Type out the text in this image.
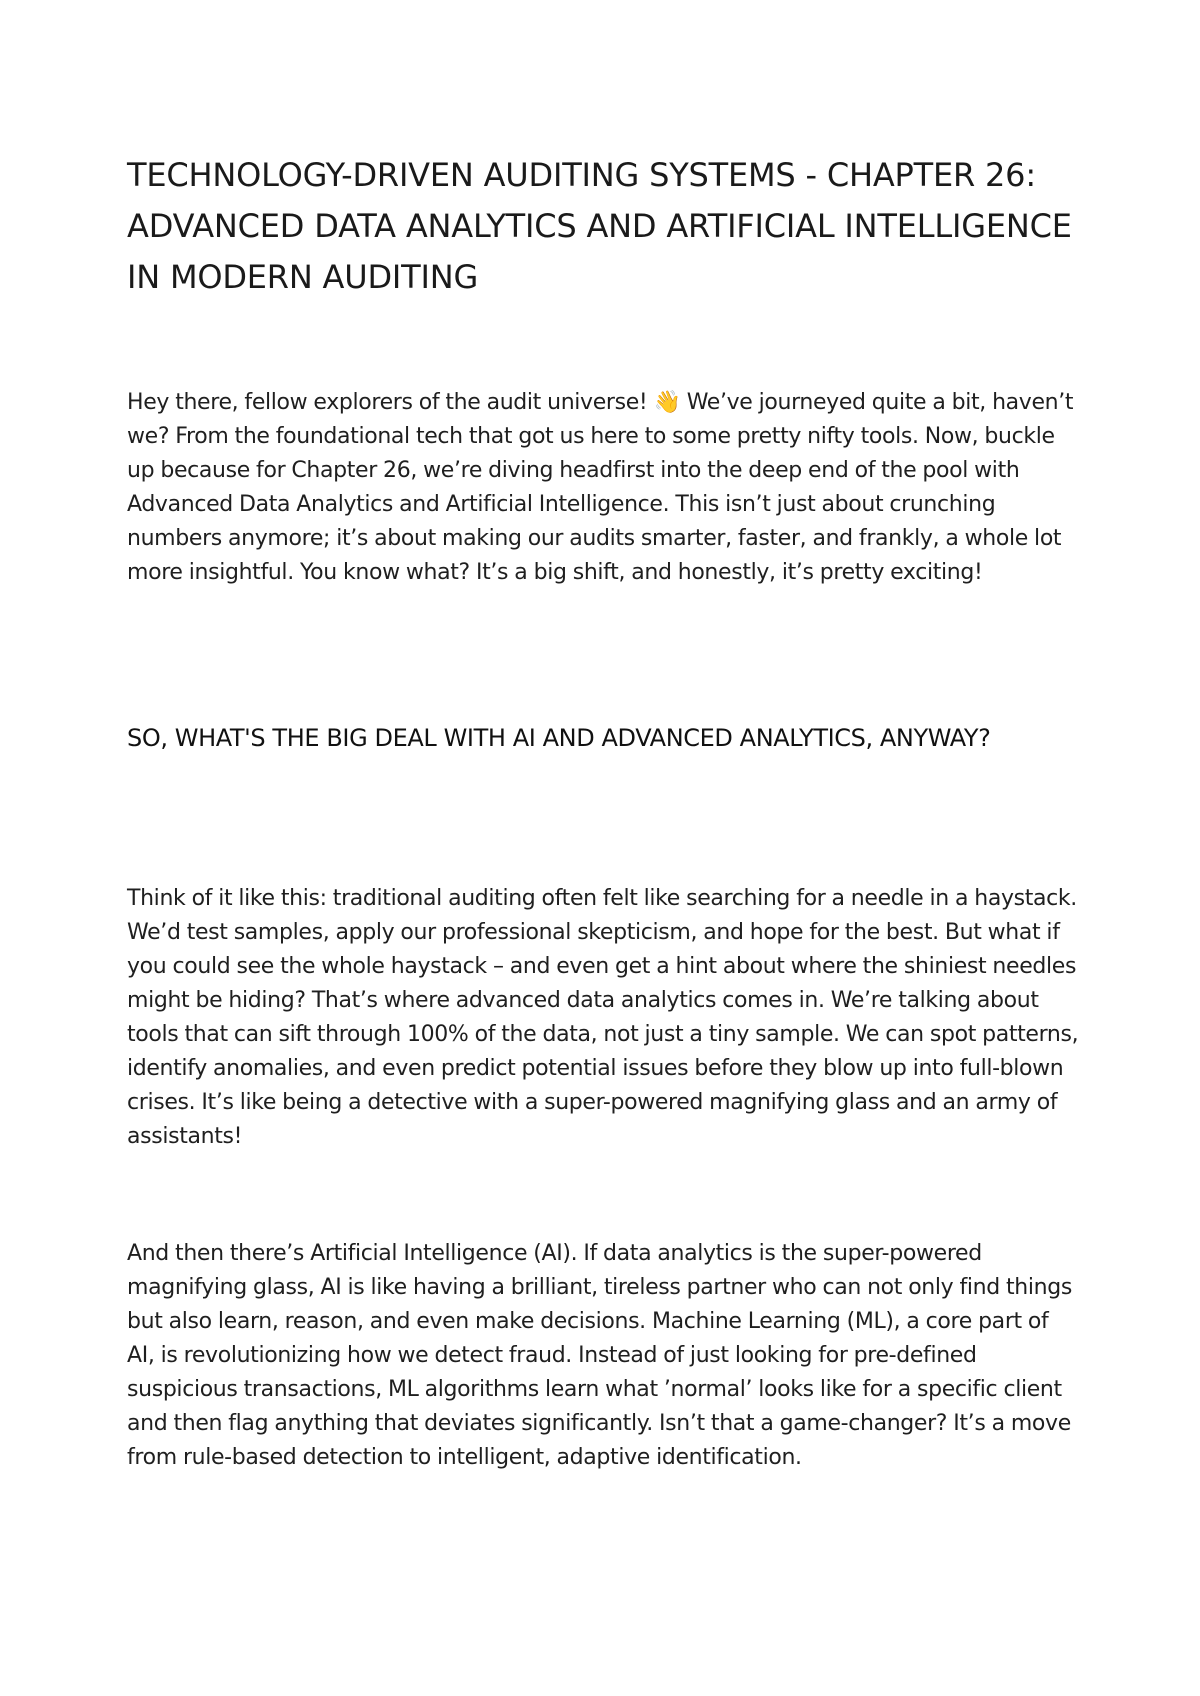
TECHNOLOGY-DRIVEN AUDITING SYSTEMS - CHAPTER 26: ADVANCED DATA ANALYTICS AND ARTIFICIAL INTELLIGENCE IN MODERN AUDITING

Hey there, fellow explorers of the audit universe! 👋 We’ve journeyed quite a bit, haven’t we? From the foundational tech that got us here to some pretty nifty tools. Now, buckle up because for Chapter 26, we’re diving headfirst into the deep end of the pool with Advanced Data Analytics and Artificial Intelligence. This isn’t just about crunching numbers anymore; it’s about making our audits smarter, faster, and frankly, a whole lot more insightful. You know what? It’s a big shift, and honestly, it’s pretty exciting!

SO, WHAT'S THE BIG DEAL WITH AI AND ADVANCED ANALYTICS, ANYWAY?

Think of it like this: traditional auditing often felt like searching for a needle in a haystack. We’d test samples, apply our professional skepticism, and hope for the best. But what if you could see the whole haystack – and even get a hint about where the shiniest needles might be hiding? That’s where advanced data analytics comes in. We’re talking about tools that can sift through 100% of the data, not just a tiny sample. We can spot patterns, identify anomalies, and even predict potential issues before they blow up into full-blown crises. It’s like being a detective with a super-powered magnifying glass and an army of assistants!

And then there’s Artificial Intelligence (AI). If data analytics is the super-powered magnifying glass, AI is like having a brilliant, tireless partner who can not only find things but also learn, reason, and even make decisions. Machine Learning (ML), a core part of AI, is revolutionizing how we detect fraud. Instead of just looking for pre-defined suspicious transactions, ML algorithms learn what ’normal’ looks like for a specific client and then flag anything that deviates significantly. Isn’t that a game-changer? It’s a move from rule-based detection to intelligent, adaptive identification.
